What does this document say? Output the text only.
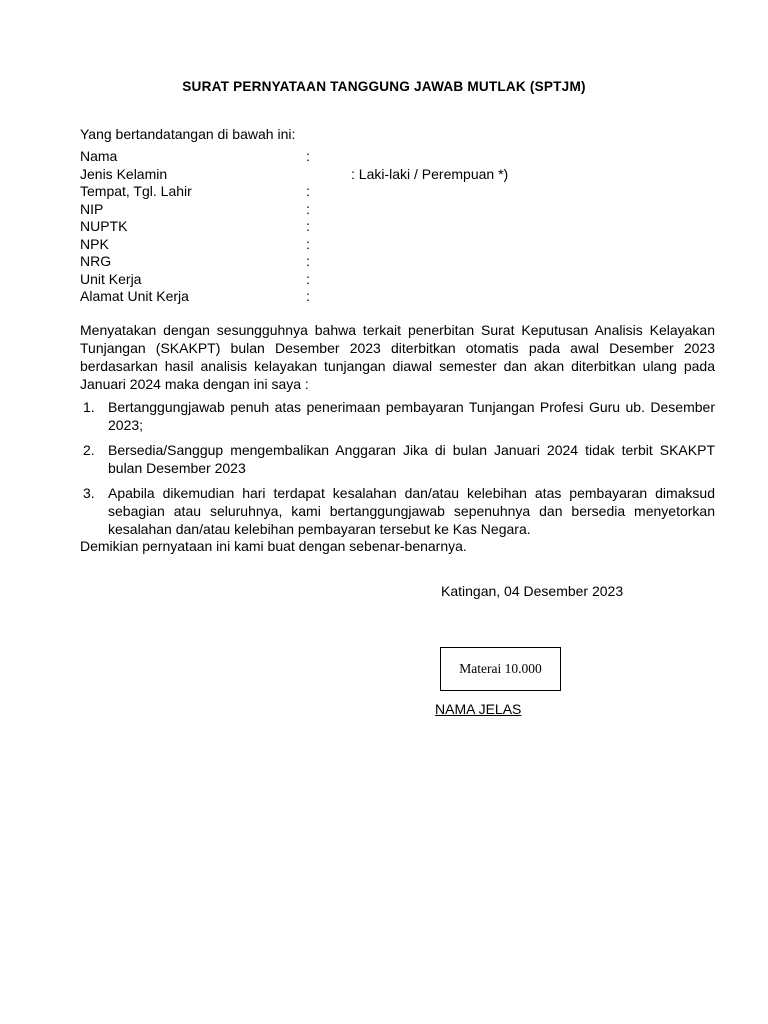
SURAT PERNYATAAN TANGGUNG JAWAB MUTLAK (SPTJM)
Yang bertandatangan di bawah ini:
Nama	:
Jenis Kelamin	: Laki-laki / Perempuan *)
Tempat, Tgl. Lahir	:
NIP	:
NUPTK	:
NPK	:
NRG	:
Unit Kerja	:
Alamat Unit Kerja	:
Menyatakan dengan sesungguhnya bahwa terkait penerbitan Surat Keputusan Analisis Kelayakan Tunjangan (SKAKPT) bulan Desember 2023 diterbitkan otomatis pada awal Desember 2023 berdasarkan hasil analisis kelayakan tunjangan diawal semester dan akan diterbitkan ulang pada Januari 2024 maka dengan ini saya :
1. Bertanggungjawab penuh atas penerimaan pembayaran Tunjangan Profesi Guru ub. Desember 2023;
2. Bersedia/Sanggup mengembalikan Anggaran Jika di bulan Januari 2024 tidak terbit SKAKPT bulan Desember 2023
3. Apabila dikemudian hari terdapat kesalahan dan/atau kelebihan atas pembayaran dimaksud sebagian atau seluruhnya, kami bertanggungjawab sepenuhnya dan bersedia menyetorkan kesalahan dan/atau kelebihan pembayaran tersebut ke Kas Negara.
Demikian pernyataan ini kami buat dengan sebenar-benarnya.
Katingan, 04 Desember 2023
Materai 10.000
NAMA JELAS
